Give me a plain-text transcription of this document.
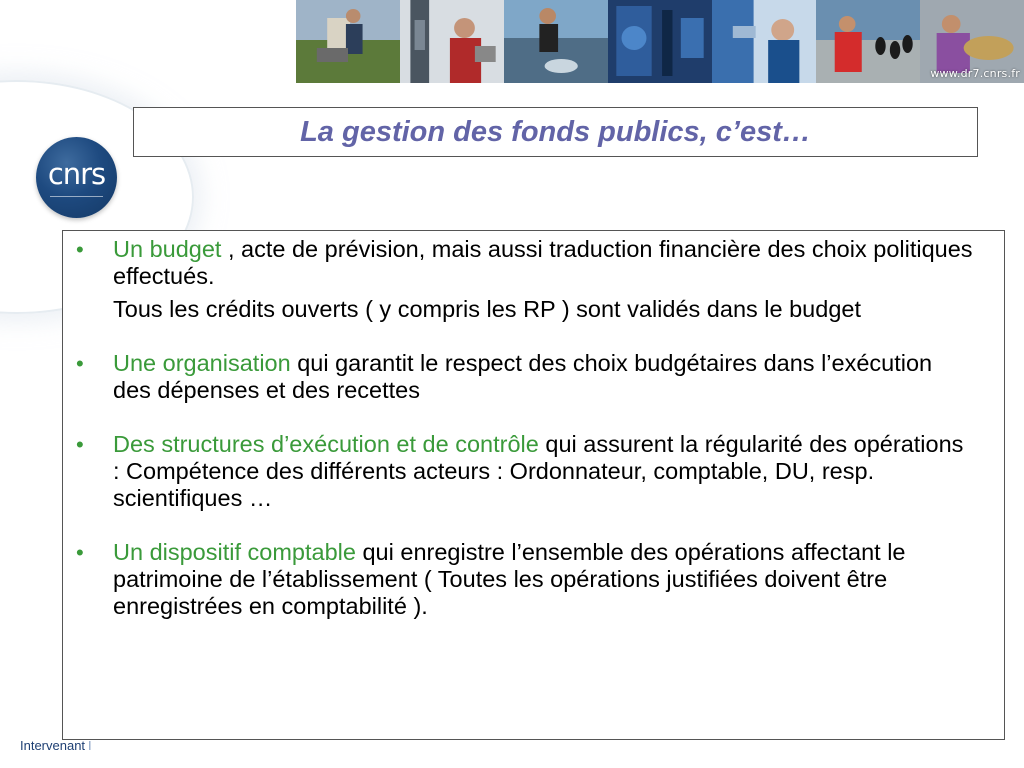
www.dr7.cnrs.fr
cnrs
La gestion des fonds publics, c’est…
• Un budget , acte de prévision, mais aussi traduction financière des choix politiques effectués.
Tous les crédits ouverts ( y compris les RP ) sont validés dans le budget
• Une organisation qui garantit le respect des choix budgétaires dans l’exécution des dépenses et des recettes
• Des structures d’exécution et de contrôle qui assurent la régularité des opérations : Compétence des différents acteurs : Ordonnateur, comptable, DU, resp. scientifiques …
• Un dispositif comptable qui enregistre l’ensemble des opérations affectant le patrimoine de l’établissement ( Toutes les opérations justifiées doivent être enregistrées en comptabilité ).
Intervenant I
